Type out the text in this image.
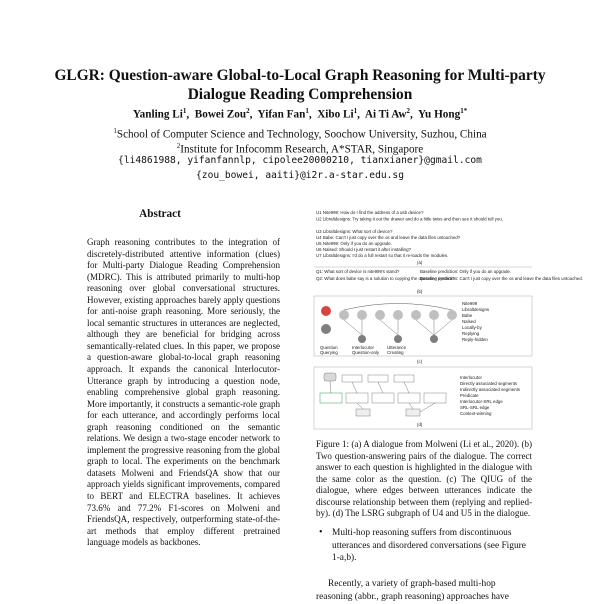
GLGR: Question-aware Global-to-Local Graph Reasoning for Multi-party Dialogue Reading Comprehension
Yanling Li$^1$,  Bowei Zou$^2$,  Yifan Fan$^1$,  Xibo Li$^1$,  Ai Ti Aw$^2$,  Yu Hong$^{1*}$
$^1$School of Computer Science and Technology, Soochow University, Suzhou, China
$^2$Institute for Infocomm Research, A*STAR, Singapore
{li4861988, yifanfannlp, cipolee20000210, tianxianer}@gmail.com
{zou_bowei, aaiti}@i2r.a-star.edu.sg
Abstract
Graph reasoning contributes to the integration of discretely-distributed attentive information (clues) for Multi-party Dialogue Reading Comprehension (MDRC). This is attributed primarily to multi-hop reasoning over global conversational structures. However, existing approaches barely apply questions for anti-noise graph reasoning. More seriously, the local semantic structures in utterances are neglected, although they are beneficial for bridging across semantically-related clues. In this paper, we propose a question-aware global-to-local graph reasoning approach. It expands the canonical Interlocutor-Utterance graph by introducing a question node, enabling comprehensive global graph reasoning. More importantly, it constructs a semantic-role graph for each utterance, and accordingly performs local graph reasoning conditioned on the semantic relations. We design a two-stage encoder network to implement the progressive reasoning from the global graph to local. The experiments on the benchmark datasets Molweni and FriendsQA show that our approach yields significant improvements, compared to BERT and ELECTRA baselines. It achieves 73.6% and 77.2% F1-scores on Molweni and FriendsQA, respectively, outperforming state-of-the-art methods that employ different pretrained language models as backbones.
U1 Nite999: How do I find the address of a usb device?
U2 Libraltdesigns: Try taking it out the drawer and do a little twiss and then see it should tell you.
U3 Libraltdesigns: What sort of device?
U4 Babe: Can't I just copy over the os and leave the data files untouched?
U5 Nite999: Only if you do an upgrade.
U6 Nalsed: Should I just restart it after installing?
U7 Libraltdesigns: I'd do a full restart so that it re-loads the modules.
(a)
Q1: What sort of device is nite999's stand?	Baseline prediction: Only if you do an upgrade.
Q2: What does babe say is a solution to copying the operating system?
Baseline prediction: Can't I just copy over the os and leave the data files untouched.
(b)
Nite999
Libraltdesigns
Babe
Nalsed
Locally-by
Replying
Reply-hidden
Question	Interlocutor	Utterance
Querying	Question-only Creating
(c)
Interlocutor
Directly associated segments
Indirectly associated segments
Predicate
Interlocutor-SRL edge
SRL-SRL edge
Context-winning
(d)
Figure 1: (a) A dialogue from Molweni (Li et al., 2020). (b) Two question-answering pairs of the dialogue. The correct answer to each question is highlighted in the dialogue with the same color as the question. (c) The QIUG of the dialogue, where edges between utterances indicate the discourse relationship between them (replying and replied-by). (d) The LSRG subgraph of U4 and U5 in the dialogue.
• Multi-hop reasoning suffers from discontinuous utterances and disordered conversations (see Figure 1-a,b).
Recently, a variety of graph-based multi-hop reasoning (abbr., graph reasoning) approaches have
